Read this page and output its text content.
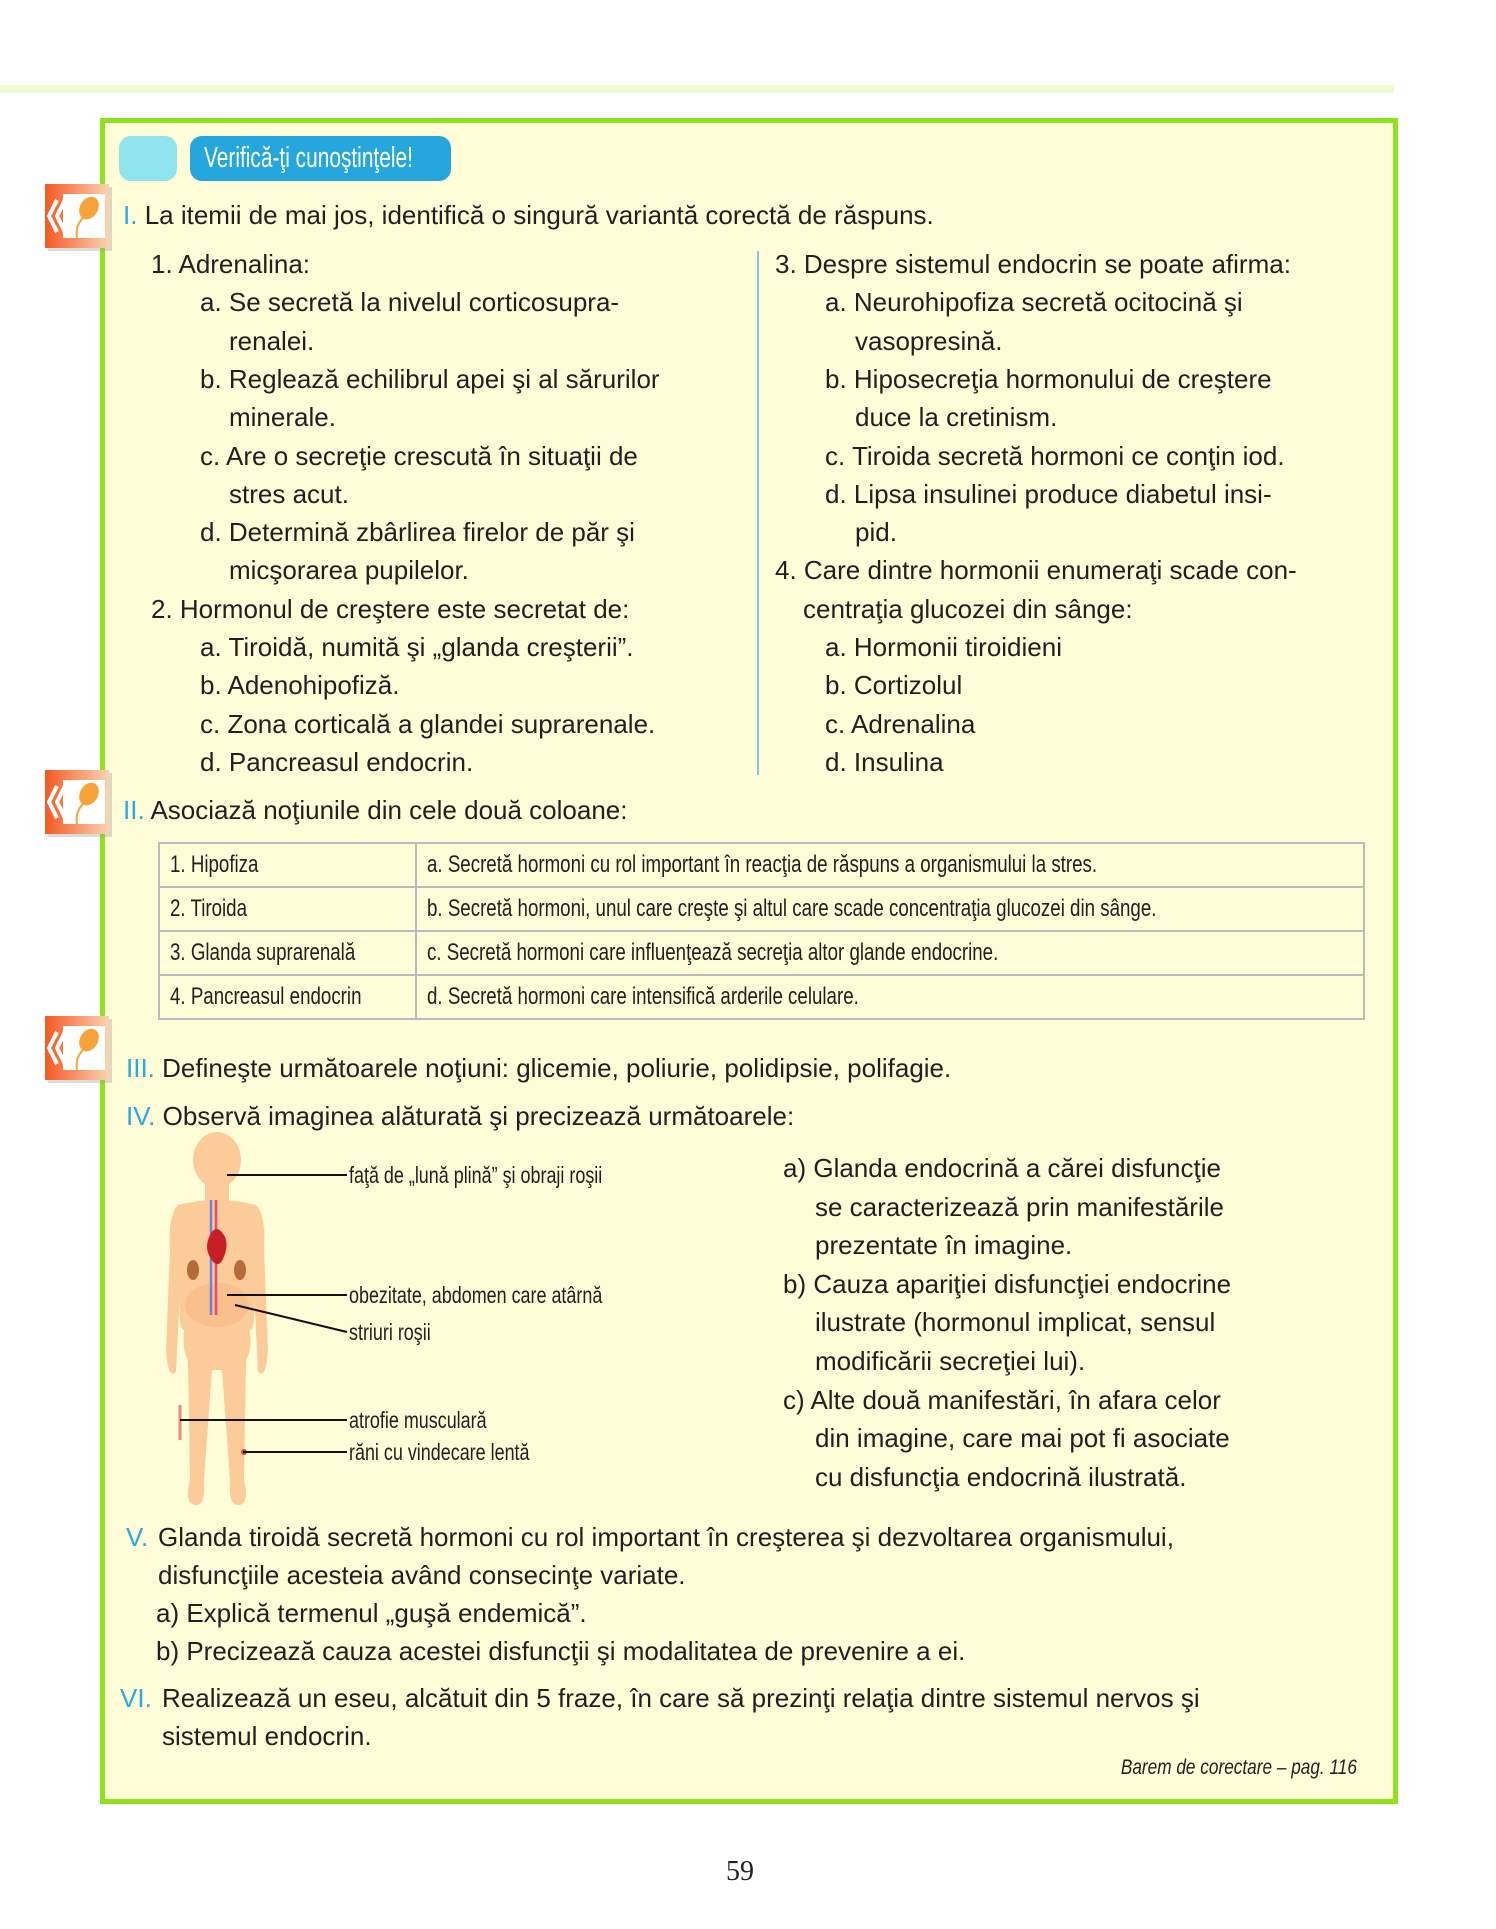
Verifică-ţi cunoştinţele!
I. La itemii de mai jos, identifică o singură variantă corectă de răspuns.
1. Adrenalina:
a. Se secretă la nivelul corticosupra-
renalei.
b. Reglează echilibrul apei şi al sărurilor
minerale.
c. Are o secreţie crescută în situaţii de
stres acut.
d. Determină zbârlirea firelor de păr şi
micşorarea pupilelor.
2. Hormonul de creştere este secretat de:
a. Tiroidă, numită şi „glanda creşterii”.
b. Adenohipofiză.
c. Zona corticală a glandei suprarenale.
d. Pancreasul endocrin.
3. Despre sistemul endocrin se poate afirma:
a. Neurohipofiza secretă ocitocină şi
vasopresină.
b. Hiposecreţia hormonului de creştere
duce la cretinism.
c. Tiroida secretă hormoni ce conţin iod.
d. Lipsa insulinei produce diabetul insi-
pid.
4. Care dintre hormonii enumeraţi scade con-
centraţia glucozei din sânge:
a. Hormonii tiroidieni
b. Cortizolul
c. Adrenalina
d. Insulina
II. Asociază noţiunile din cele două coloane:
1. Hipofiza	a. Secretă hormoni cu rol important în reacţia de răspuns a organismului la stres.
2. Tiroida	b. Secretă hormoni, unul care creşte şi altul care scade concentraţia glucozei din sânge.
3. Glanda suprarenală	c. Secretă hormoni care influenţează secreţia altor glande endocrine.
4. Pancreasul endocrin	d. Secretă hormoni care intensifică arderile celulare.
III. Defineşte următoarele noţiuni: glicemie, poliurie, polidipsie, polifagie.
IV. Observă imaginea alăturată şi precizează următoarele:
faţă de „lună plină” şi obraji roşii
obezitate, abdomen care atârnă
striuri roşii
atrofie musculară
răni cu vindecare lentă
a) Glanda endocrină a cărei disfuncţie
se caracterizează prin manifestările
prezentate în imagine.
b) Cauza apariţiei disfuncţiei endocrine
ilustrate (hormonul implicat, sensul
modificării secreţiei lui).
c) Alte două manifestări, în afara celor
din imagine, care mai pot fi asociate
cu disfuncţia endocrină ilustrată.
V. Glanda tiroidă secretă hormoni cu rol important în creşterea şi dezvoltarea organismului,
disfuncţiile acesteia având consecinţe variate.
a) Explică termenul „guşă endemică”.
b) Precizează cauza acestei disfuncţii şi modalitatea de prevenire a ei.
VI. Realizează un eseu, alcătuit din 5 fraze, în care să prezinţi relaţia dintre sistemul nervos şi
sistemul endocrin.
Barem de corectare – pag. 116
59
